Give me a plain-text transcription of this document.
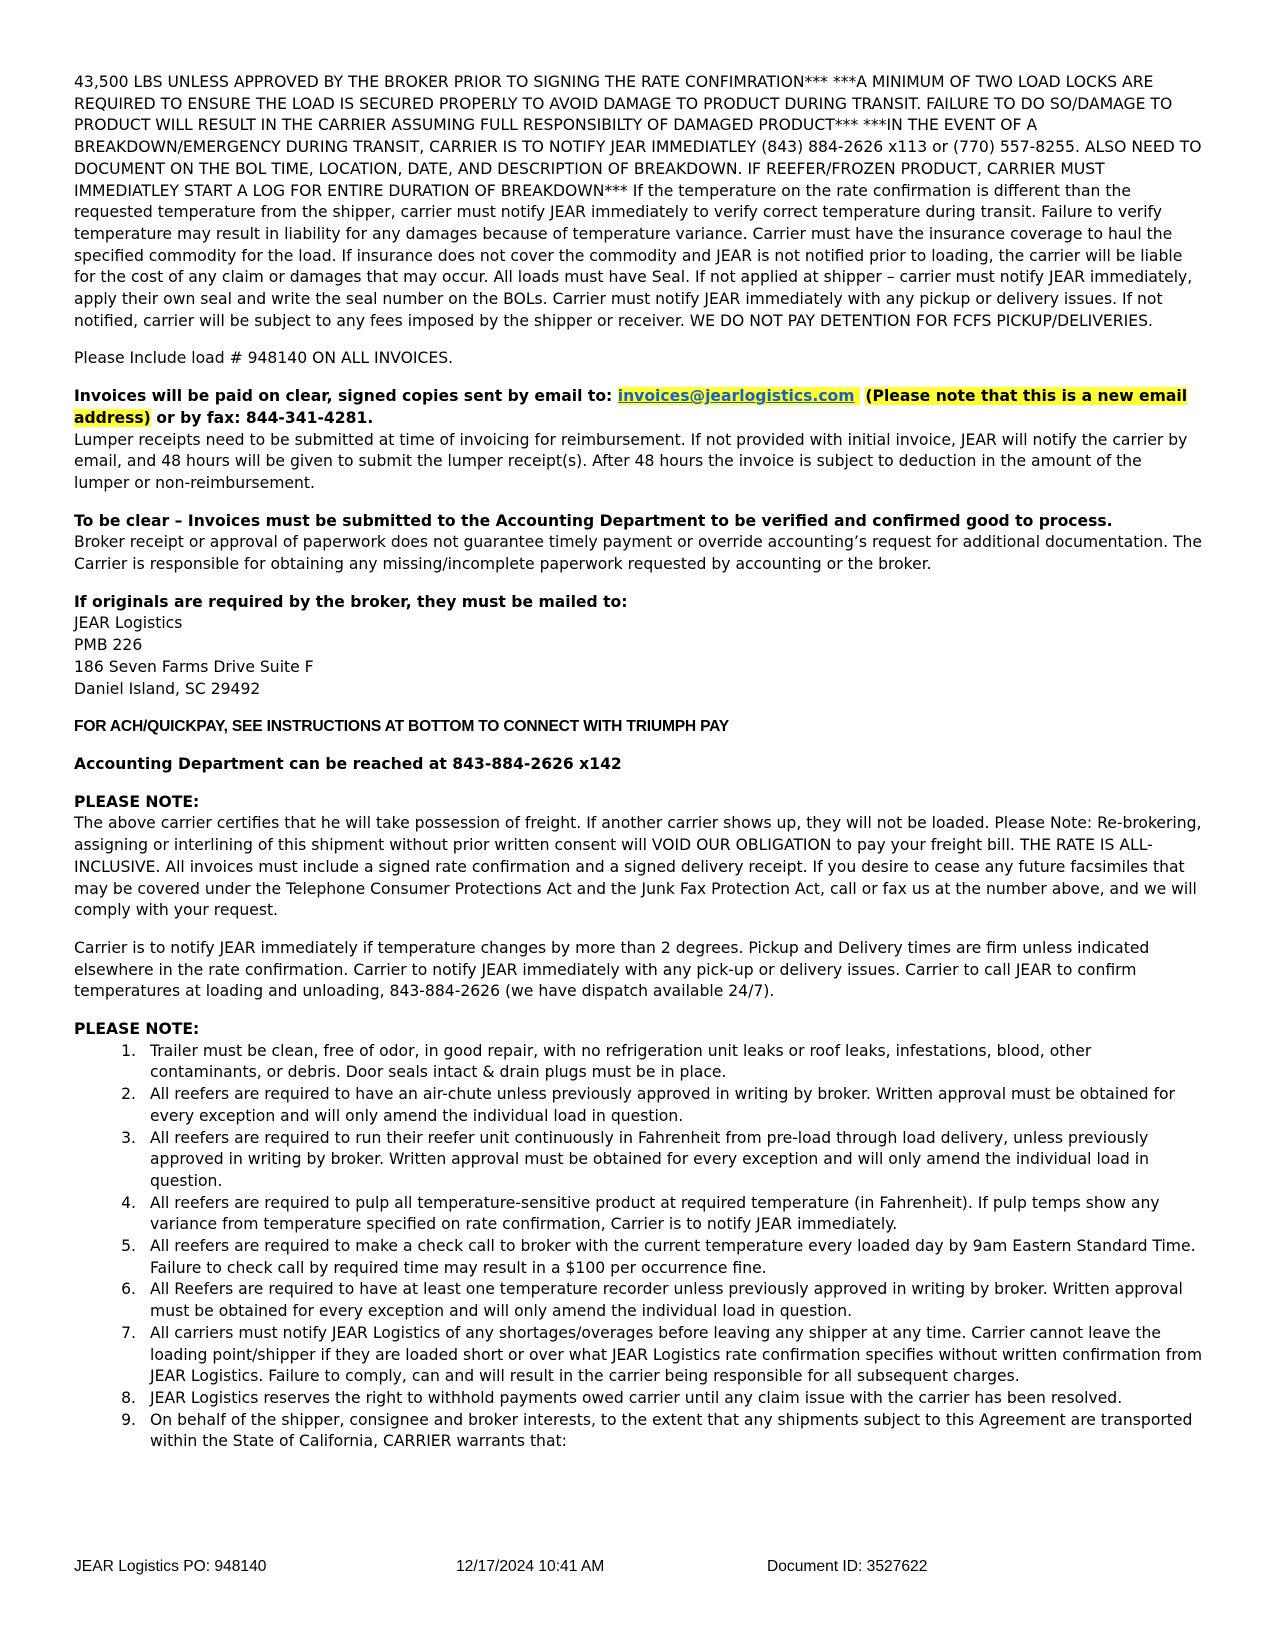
43,500 LBS UNLESS APPROVED BY THE BROKER PRIOR TO SIGNING THE RATE CONFIMRATION*** ***A MINIMUM OF TWO LOAD LOCKS ARE REQUIRED TO ENSURE THE LOAD IS SECURED PROPERLY TO AVOID DAMAGE TO PRODUCT DURING TRANSIT. FAILURE TO DO SO/DAMAGE TO PRODUCT WILL RESULT IN THE CARRIER ASSUMING FULL RESPONSIBILTY OF DAMAGED PRODUCT*** ***IN THE EVENT OF A BREAKDOWN/EMERGENCY DURING TRANSIT, CARRIER IS TO NOTIFY JEAR IMMEDIATLEY (843) 884-2626 x113 or (770) 557-8255. ALSO NEED TO DOCUMENT ON THE BOL TIME, LOCATION, DATE, AND DESCRIPTION OF BREAKDOWN. IF REEFER/FROZEN PRODUCT, CARRIER MUST IMMEDIATLEY START A LOG FOR ENTIRE DURATION OF BREAKDOWN*** If the temperature on the rate confirmation is different than the requested temperature from the shipper, carrier must notify JEAR immediately to verify correct temperature during transit. Failure to verify temperature may result in liability for any damages because of temperature variance. Carrier must have the insurance coverage to haul the specified commodity for the load. If insurance does not cover the commodity and JEAR is not notified prior to loading, the carrier will be liable for the cost of any claim or damages that may occur. All loads must have Seal. If not applied at shipper – carrier must notify JEAR immediately, apply their own seal and write the seal number on the BOLs. Carrier must notify JEAR immediately with any pickup or delivery issues. If not notified, carrier will be subject to any fees imposed by the shipper or receiver. WE DO NOT PAY DETENTION FOR FCFS PICKUP/DELIVERIES.

Please Include load # 948140 ON ALL INVOICES.

Invoices will be paid on clear, signed copies sent by email to: invoices@jearlogistics.com (Please note that this is a new email address) or by fax: 844-341-4281.

Lumper receipts need to be submitted at time of invoicing for reimbursement. If not provided with initial invoice, JEAR will notify the carrier by email, and 48 hours will be given to submit the lumper receipt(s). After 48 hours the invoice is subject to deduction in the amount of the lumper or non-reimbursement.

To be clear – Invoices must be submitted to the Accounting Department to be verified and confirmed good to process.

Broker receipt or approval of paperwork does not guarantee timely payment or override accounting’s request for additional documentation. The Carrier is responsible for obtaining any missing/incomplete paperwork requested by accounting or the broker.

If originals are required by the broker, they must be mailed to:

JEAR Logistics

PMB 226

186 Seven Farms Drive Suite F

Daniel Island, SC 29492

FOR ACH/QUICKPAY, SEE INSTRUCTIONS AT BOTTOM TO CONNECT WITH TRIUMPH PAY

Accounting Department can be reached at 843-884-2626 x142

PLEASE NOTE:

The above carrier certifies that he will take possession of freight. If another carrier shows up, they will not be loaded. Please Note: Re-brokering, assigning or interlining of this shipment without prior written consent will VOID OUR OBLIGATION to pay your freight bill. THE RATE IS ALL-INCLUSIVE. All invoices must include a signed rate confirmation and a signed delivery receipt. If you desire to cease any future facsimiles that may be covered under the Telephone Consumer Protections Act and the Junk Fax Protection Act, call or fax us at the number above, and we will comply with your request.

Carrier is to notify JEAR immediately if temperature changes by more than 2 degrees. Pickup and Delivery times are firm unless indicated elsewhere in the rate confirmation. Carrier to notify JEAR immediately with any pick-up or delivery issues. Carrier to call JEAR to confirm temperatures at loading and unloading, 843-884-2626 (we have dispatch available 24/7).

PLEASE NOTE:

1. Trailer must be clean, free of odor, in good repair, with no refrigeration unit leaks or roof leaks, infestations, blood, other contaminants, or debris. Door seals intact & drain plugs must be in place.
2. All reefers are required to have an air-chute unless previously approved in writing by broker. Written approval must be obtained for every exception and will only amend the individual load in question.
3. All reefers are required to run their reefer unit continuously in Fahrenheit from pre-load through load delivery, unless previously approved in writing by broker. Written approval must be obtained for every exception and will only amend the individual load in question.
4. All reefers are required to pulp all temperature-sensitive product at required temperature (in Fahrenheit). If pulp temps show any variance from temperature specified on rate confirmation, Carrier is to notify JEAR immediately.
5. All reefers are required to make a check call to broker with the current temperature every loaded day by 9am Eastern Standard Time. Failure to check call by required time may result in a $100 per occurrence fine.
6. All Reefers are required to have at least one temperature recorder unless previously approved in writing by broker. Written approval must be obtained for every exception and will only amend the individual load in question.
7. All carriers must notify JEAR Logistics of any shortages/overages before leaving any shipper at any time. Carrier cannot leave the loading point/shipper if they are loaded short or over what JEAR Logistics rate confirmation specifies without written confirmation from JEAR Logistics. Failure to comply, can and will result in the carrier being responsible for all subsequent charges.
8. JEAR Logistics reserves the right to withhold payments owed carrier until any claim issue with the carrier has been resolved.
9. On behalf of the shipper, consignee and broker interests, to the extent that any shipments subject to this Agreement are transported within the State of California, CARRIER warrants that:
JEAR Logistics PO: 948140	12/17/2024 10:41 AM	Document ID: 3527622
